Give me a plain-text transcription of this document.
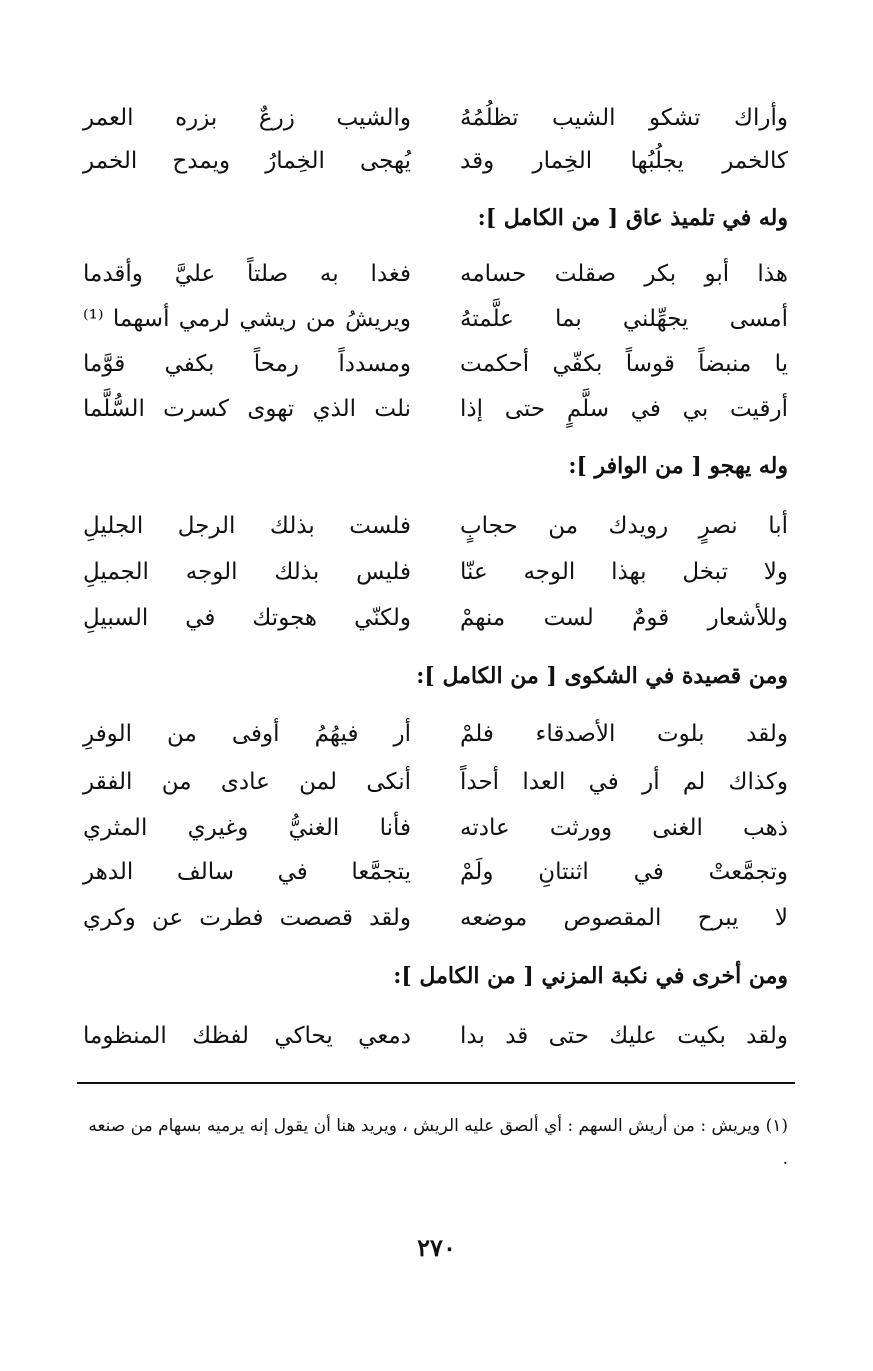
وأراك تشكو الشيب تظلُمُهُ
والشيب زرعٌ بزره العمر
كالخمر يجلُبُها الخِمار وقد
يُهجى الخِمارُ ويمدح الخمر
وله في تلميذ عاق [ من الكامل ]:
هذا أبو بكر صقلت حسامه
فغدا به صلتاً عليَّ وأقدما
أمسى يجهِّلني بما علَّمتهُ
ويريشُ من ريشي لرمي أسهما ⁽¹⁾
يا منبضاً قوساً بكفّي أحكمت
ومسدداً رمحاً بكفي قوَّما
أرقيت بي في سلَّمٍ حتى إذا
نلت الذي تهوى كسرت السُّلَّما
وله يهجو [ من الوافر ]:
أبا نصرٍ رويدك من حجابٍ
فلست بذلك الرجل الجليلِ
ولا تبخل بهذا الوجه عنّا
فليس بذلك الوجه الجميلِ
وللأشعار قومٌ لست منهمْ
ولكنّي هجوتك في السبيلِ
ومن قصيدة في الشكوى [ من الكامل ]:
ولقد بلوت الأصدقاء فلمْ
أر فيهُمُ أوفى من الوفرِ
وكذاك لم أر في العدا أحداً
أنكى لمن عادى من الفقر
ذهب الغنى وورثت عادته
فأنا الغنيُّ وغيري المثري
وتجمَّعتْ في اثنتانِ ولَمْ
يتجمَّعا في سالف الدهر
لا يبرح المقصوص موضعه
ولقد قصصت فطرت عن وكري
ومن أخرى في نكبة المزني [ من الكامل ]:
ولقد بكيت عليك حتى قد بدا
دمعي يحاكي لفظك المنظوما
(١) ويريش : من أريش السهم : أي ألصق عليه الريش ، ويريد هنا أن يقول إنه يرميه بسهام من صنعه .
٢٧٠
